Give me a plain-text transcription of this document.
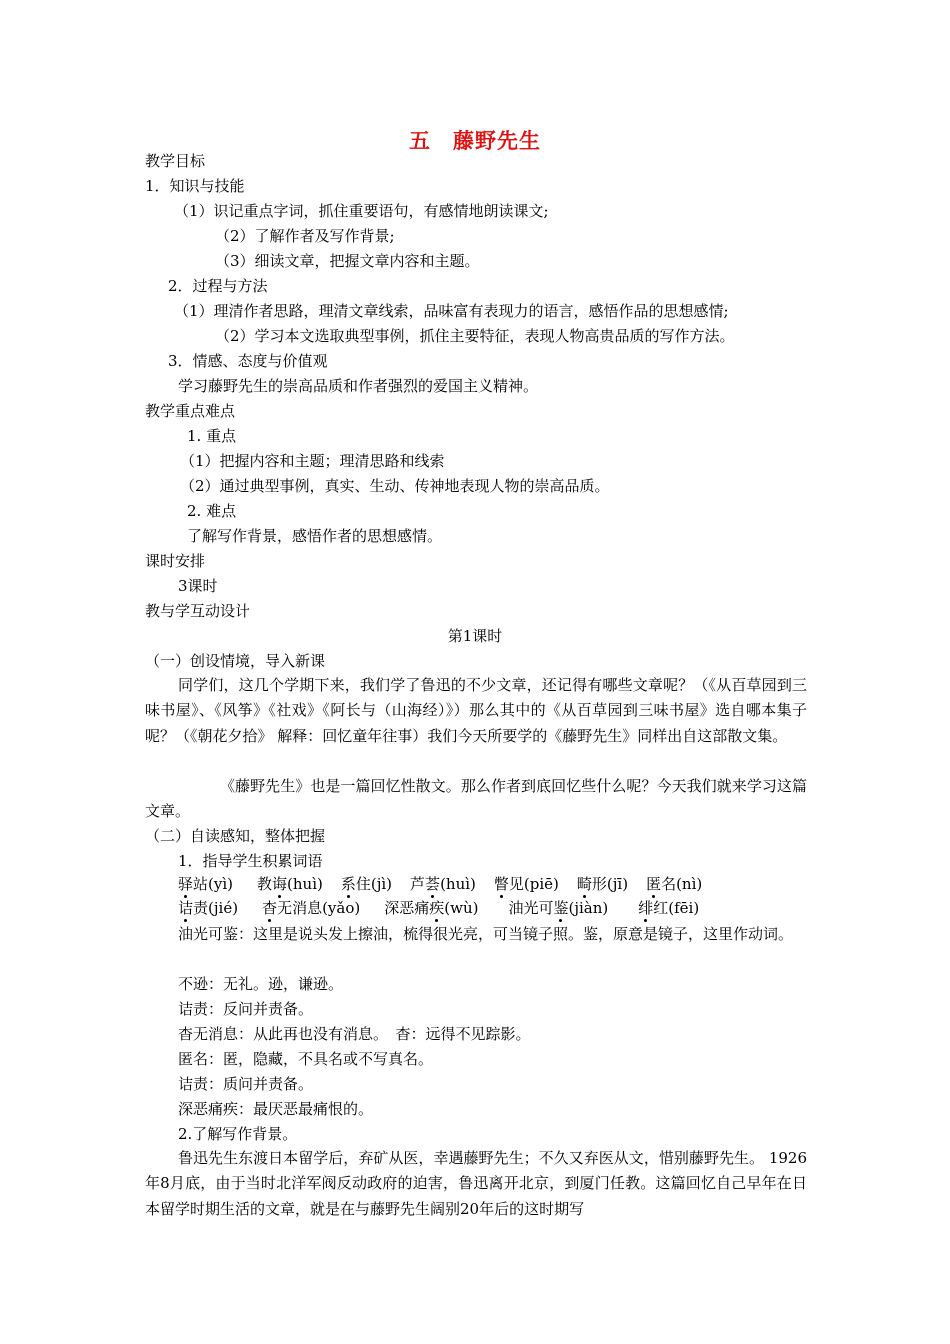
五　藤野先生
教学目标
1．知识与技能
（1）识记重点字词，抓住重要语句，有感情地朗读课文;
（2）了解作者及写作背景;
（3）细读文章，把握文章内容和主题。
2．过程与方法
（1）理清作者思路，理清文章线索，品味富有表现力的语言，感悟作品的思想感情;
（2）学习本文选取典型事例，抓住主要特征，表现人物高贵品质的写作方法。
3．情感、态度与价值观
学习藤野先生的崇高品质和作者强烈的爱国主义精神。
教学重点难点
1. 重点
（1）把握内容和主题；理清思路和线索
（2）通过典型事例，真实、生动、传神地表现人物的崇高品质。
2. 难点
了解写作背景，感悟作者的思想感情。
课时安排
3课时
教与学互动设计
第1课时
（一）创设情境，导入新课
同学们，这几个学期下来，我们学了鲁迅的不少文章，还记得有哪些文章呢？（《从百草园到三味书屋》、《风筝》《社戏》《阿长与（山海经）》）那么其中的《从百草园到三味书屋》选自哪本集子呢？（《朝花夕拾》 解释：回忆童年往事）我们今天所要学的《藤野先生》同样出自这部散文集。
《藤野先生》也是一篇回忆性散文。那么作者到底回忆些什么呢？今天我们就来学习这篇文章。
（二）自读感知，整体把握
1．指导学生积累词语
驿站(yì) 教诲(huì) 系住(jì) 芦荟(huì) 瞥见(piē) 畸形(jī) 匿名(nì)
诘责(jié) 杳无消息(yǎo) 深恶痛疾(wù) 油光可鉴(jiàn) 绯红(fēi)
油光可鉴：这里是说头发上擦油，梳得很光亮，可当镜子照。鉴，原意是镜子，这里作动词。
不逊：无礼。逊，谦逊。
诘责：反问并责备。
杳无消息：从此再也没有消息。　杳：远得不见踪影。
匿名：匿，隐藏，不具名或不写真名。
诘责：质问并责备。
深恶痛疾：最厌恶最痛恨的。
2.了解写作背景。
鲁迅先生东渡日本留学后，弃矿从医，幸遇藤野先生；不久又弃医从文，惜别藤野先生。 1926年8月底，由于当时北洋军阀反动政府的迫害，鲁迅离开北京，到厦门任教。这篇回忆自己早年在日本留学时期生活的文章，就是在与藤野先生阔别20年后的这时期写
